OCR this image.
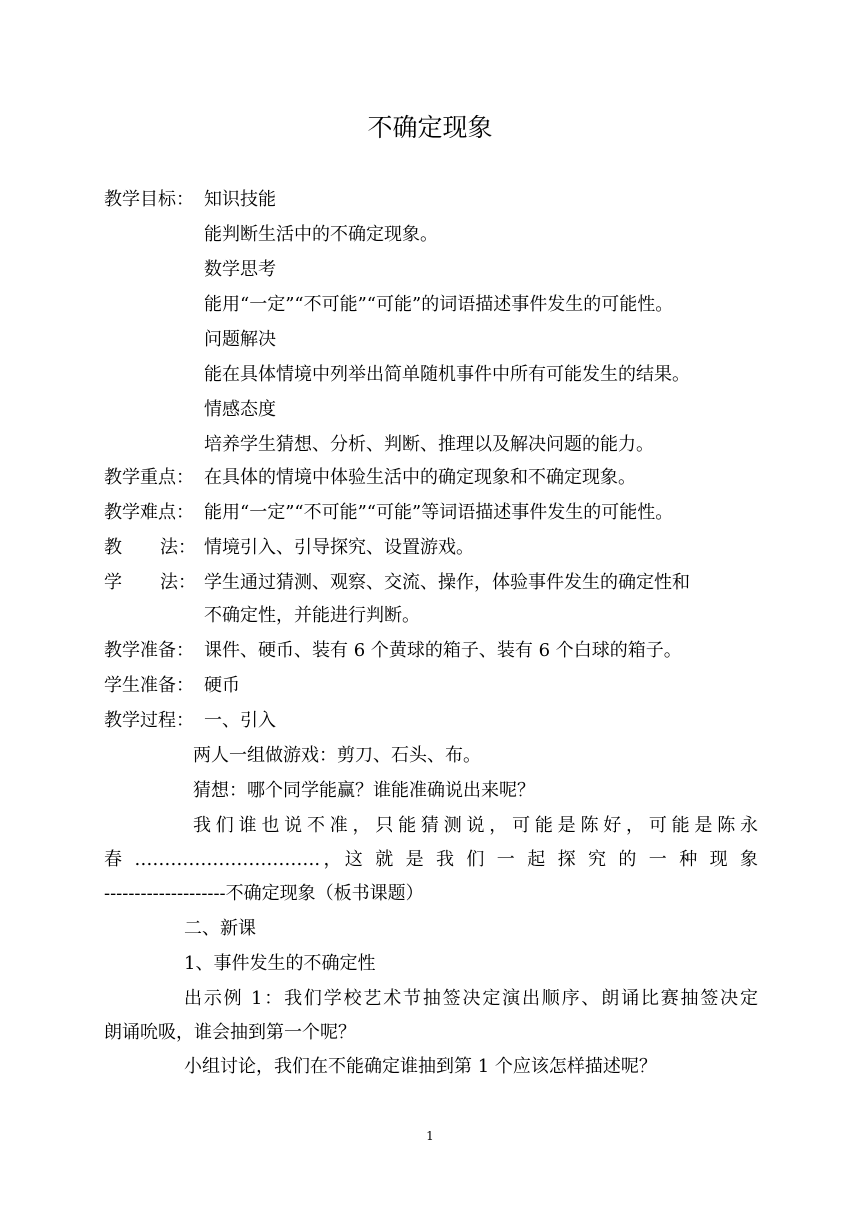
不确定现象
教学目标： 知识技能
能判断生活中的不确定现象。
数学思考
能用“一定”“不可能”“可能”的词语描述事件发生的可能性。
问题解决
能在具体情境中列举出简单随机事件中所有可能发生的结果。
情感态度
培养学生猜想、分析、判断、推理以及解决问题的能力。
教学重点： 在具体的情境中体验生活中的确定现象和不确定现象。
教学难点： 能用“一定”“不可能”“可能”等词语描述事件发生的可能性。
教 法： 情境引入、引导探究、设置游戏。
学 法： 学生通过猜测、观察、交流、操作，体验事件发生的确定性和
不确定性，并能进行判断。
教学准备： 课件、硬币、装有 6 个黄球的箱子、装有 6 个白球的箱子。
学生准备： 硬币
教学过程： 一、引入
两人一组做游戏：剪刀、石头、布。
猜想：哪个同学能赢？谁能准确说出来呢？
我们谁也说不准，只能猜测说，可能是陈好，可能是陈永
春 ………………………….，这 就 是 我 们 一 起 探 究 的 一 种 现 象
--------------------不确定现象（板书课题）
二、新课
1、事件发生的不确定性
出示例 1：我们学校艺术节抽签决定演出顺序、朗诵比赛抽签决定
朗诵吮吸，谁会抽到第一个呢？
小组讨论，我们在不能确定谁抽到第 1 个应该怎样描述呢？
1
